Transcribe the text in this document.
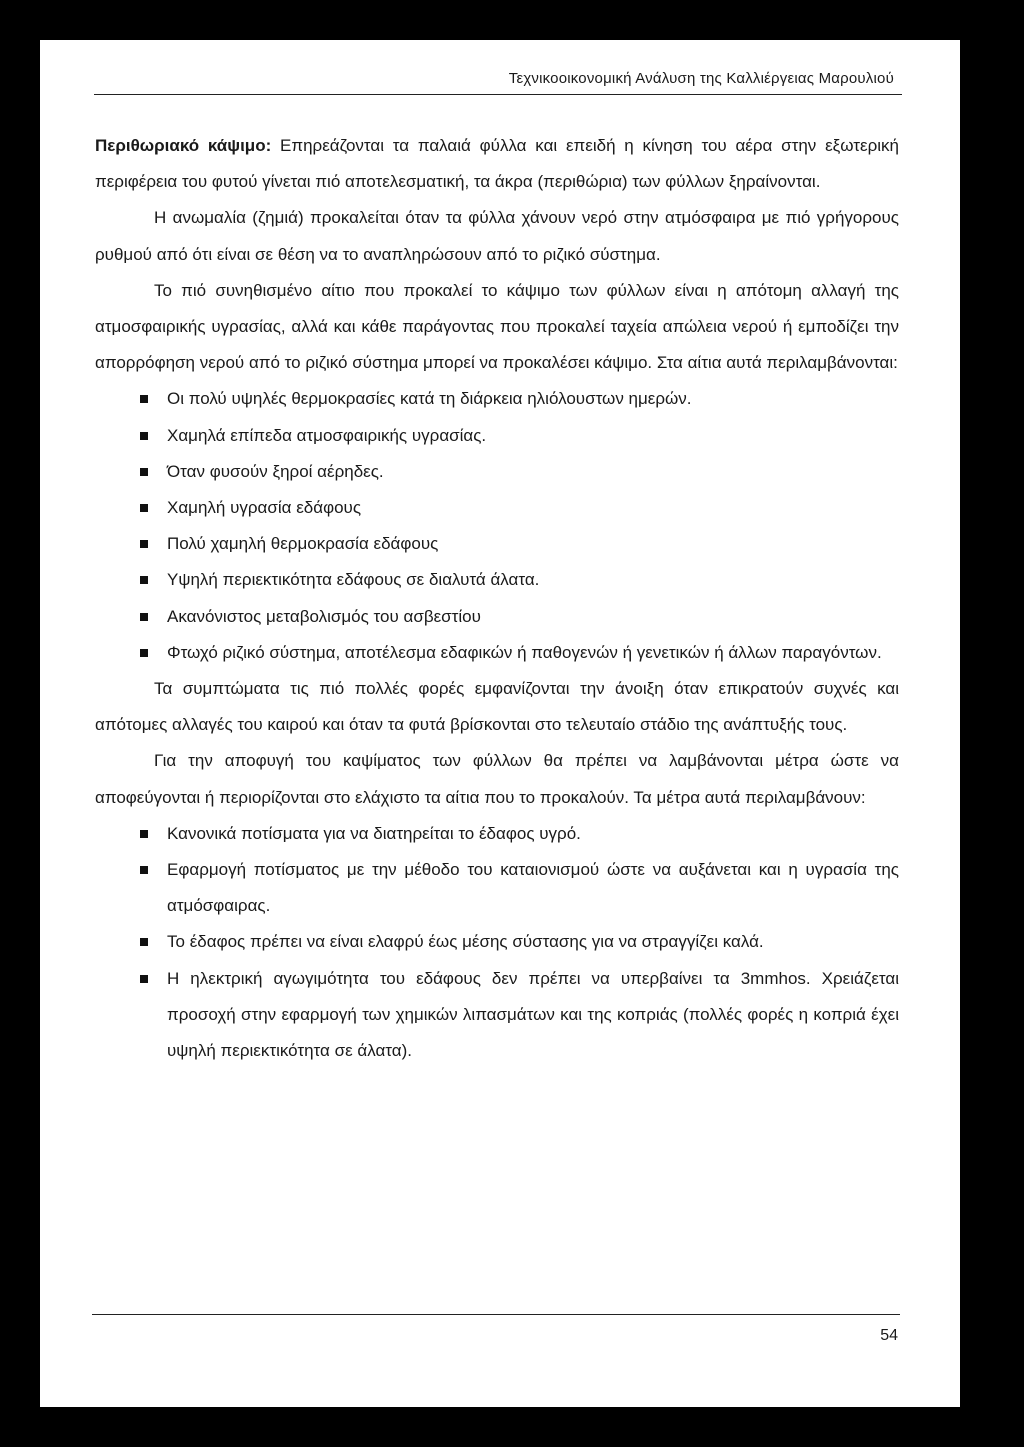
Τεχνικοοικονομική Ανάλυση της Καλλιέργειας Μαρουλιού

Περιθωριακό κάψιμο: Επηρεάζονται τα παλαιά φύλλα και επειδή η κίνηση του αέρα στην εξωτερική περιφέρεια του φυτού γίνεται πιό αποτελεσματική, τα άκρα (περιθώρια) των φύλλων ξηραίνονται.

Η ανωμαλία (ζημιά) προκαλείται όταν τα φύλλα χάνουν νερό στην ατμόσφαιρα με πιό γρήγορους ρυθμού από ότι είναι σε θέση να το αναπληρώσουν από το ριζικό σύστημα.

Το πιό συνηθισμένο αίτιο που προκαλεί το κάψιμο των φύλλων είναι η απότομη αλλαγή της ατμοσφαιρικής υγρασίας, αλλά και κάθε παράγοντας που προκαλεί ταχεία απώλεια νερού ή εμποδίζει την απορρόφηση νερού από το ριζικό σύστημα μπορεί να προκαλέσει κάψιμο. Στα αίτια αυτά περιλαμβάνονται:

Οι πολύ υψηλές θερμοκρασίες κατά τη διάρκεια ηλιόλουστων ημερών.
Χαμηλά επίπεδα ατμοσφαιρικής υγρασίας.
Όταν φυσούν ξηροί αέρηδες.
Χαμηλή υγρασία εδάφους
Πολύ χαμηλή θερμοκρασία εδάφους
Υψηλή περιεκτικότητα εδάφους σε διαλυτά άλατα.
Ακανόνιστος μεταβολισμός του ασβεστίου
Φτωχό ριζικό σύστημα, αποτέλεσμα εδαφικών ή παθογενών ή γενετικών ή άλλων παραγόντων.

Τα συμπτώματα τις πιό πολλές φορές εμφανίζονται την άνοιξη όταν επικρατούν συχνές και απότομες αλλαγές του καιρού και όταν τα φυτά βρίσκονται στο τελευταίο στάδιο της ανάπτυξής τους.

Για την αποφυγή του καψίματος των φύλλων θα πρέπει να λαμβάνονται μέτρα ώστε να αποφεύγονται ή περιορίζονται στο ελάχιστο τα αίτια που το προκαλούν. Τα μέτρα αυτά περιλαμβάνουν:

Κανονικά ποτίσματα για να διατηρείται το έδαφος υγρό.
Εφαρμογή ποτίσματος με την μέθοδο του καταιονισμού ώστε να αυξάνεται και η υγρασία της ατμόσφαιρας.
Το έδαφος πρέπει να είναι ελαφρύ έως μέσης σύστασης για να στραγγίζει καλά.
Η ηλεκτρική αγωγιμότητα του εδάφους δεν πρέπει να υπερβαίνει τα 3mmhos. Χρειάζεται προσοχή στην εφαρμογή των χημικών λιπασμάτων και της κοπριάς (πολλές φορές η κοπριά έχει υψηλή περιεκτικότητα σε άλατα).
54
